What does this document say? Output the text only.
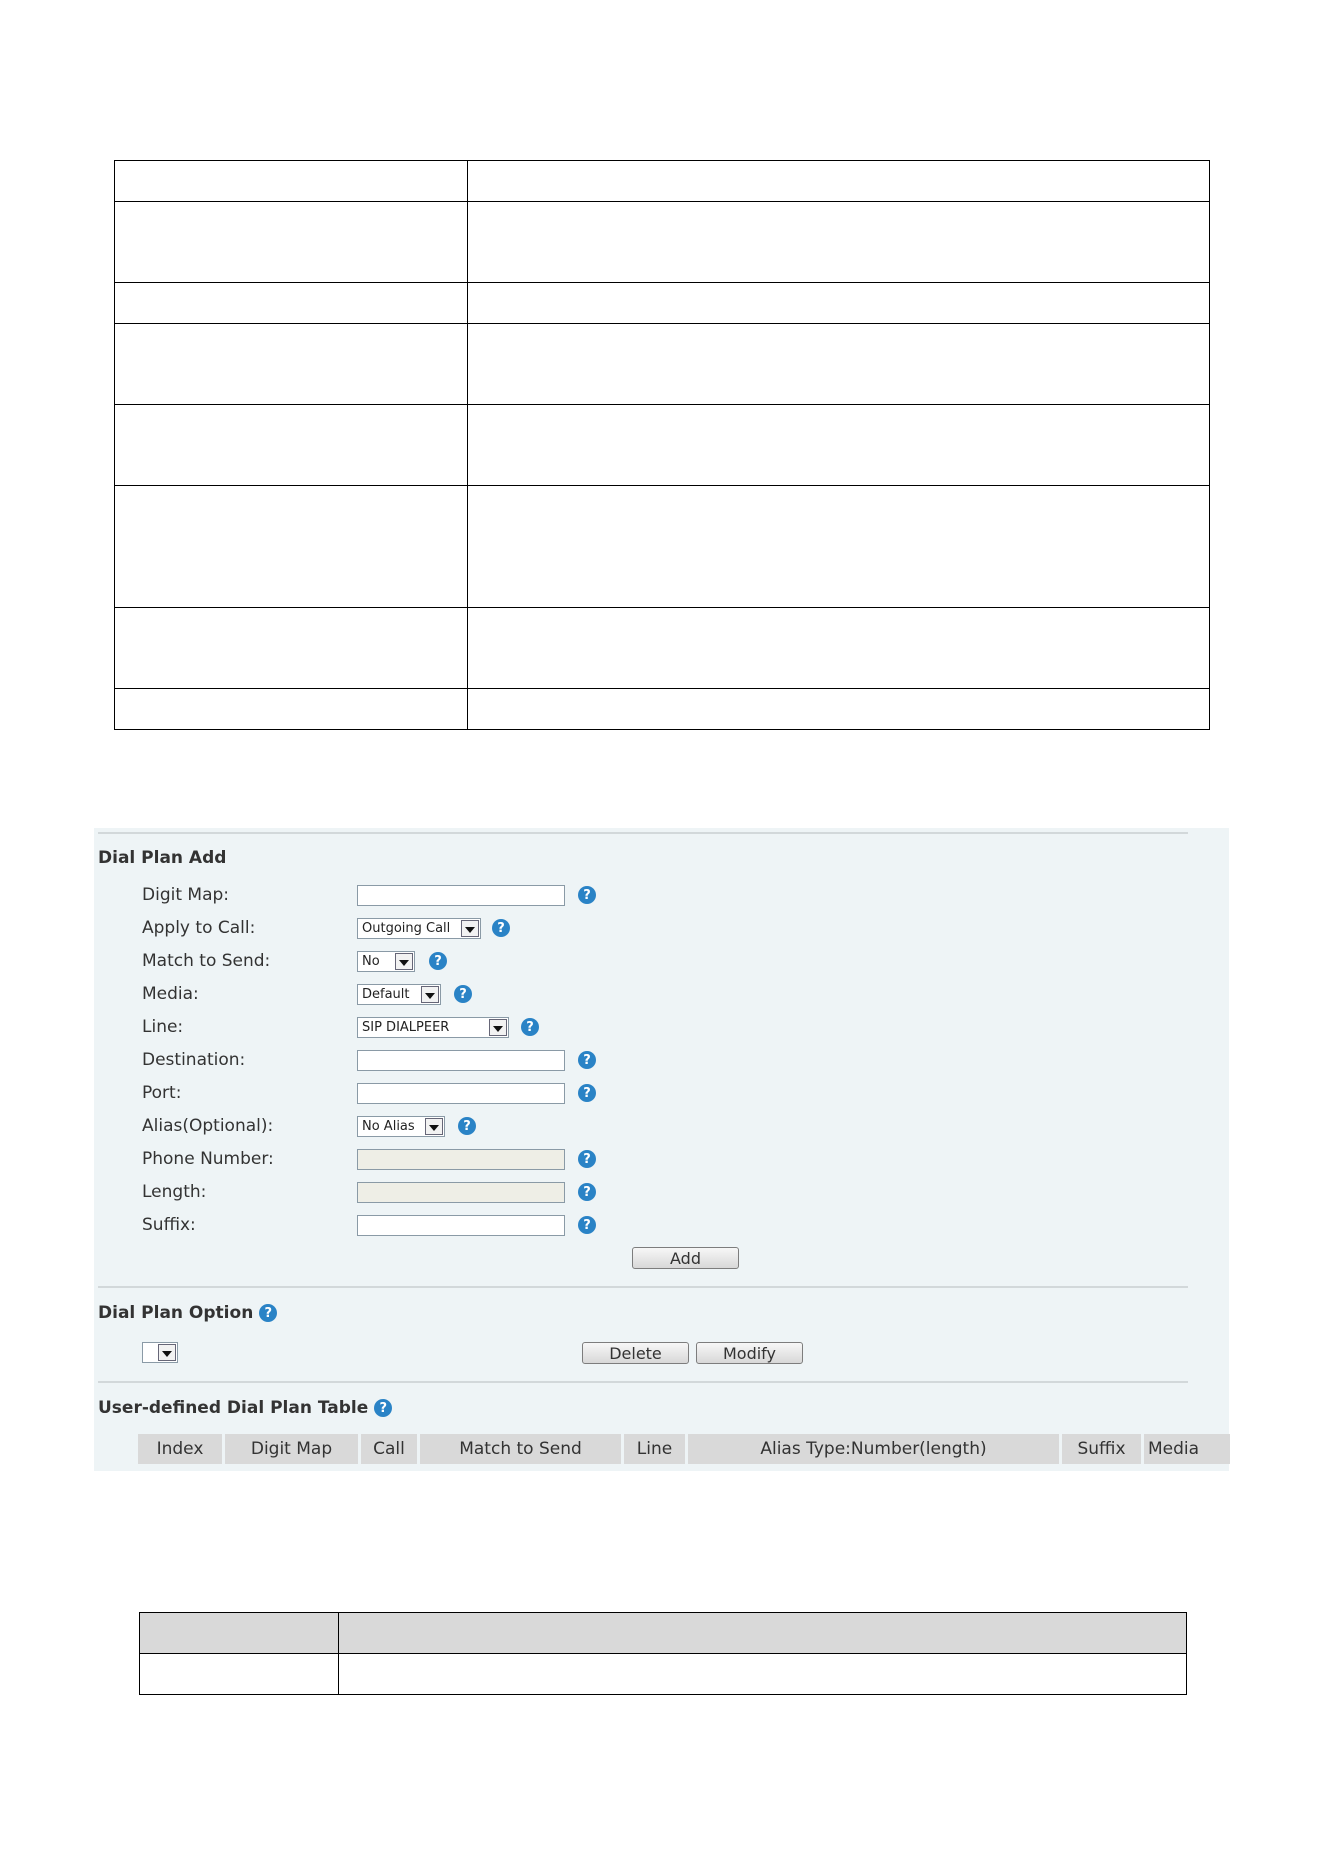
Dial Plan Add
Digit Map:	?
Apply to Call:	Outgoing Call	?
Match to Send:	No	?
Media:	Default	?
Line:	SIP DIALPEER	?
Destination:	?
Port:	?
Alias(Optional):	No Alias	?
Phone Number:	?
Length:	?
Suffix:	?
Add
Dial Plan Option ?
Delete	Modify
User-defined Dial Plan Table ?
Index	Digit Map	Call	Match to Send	Line	Alias Type:Number(length)	Suffix	Media
